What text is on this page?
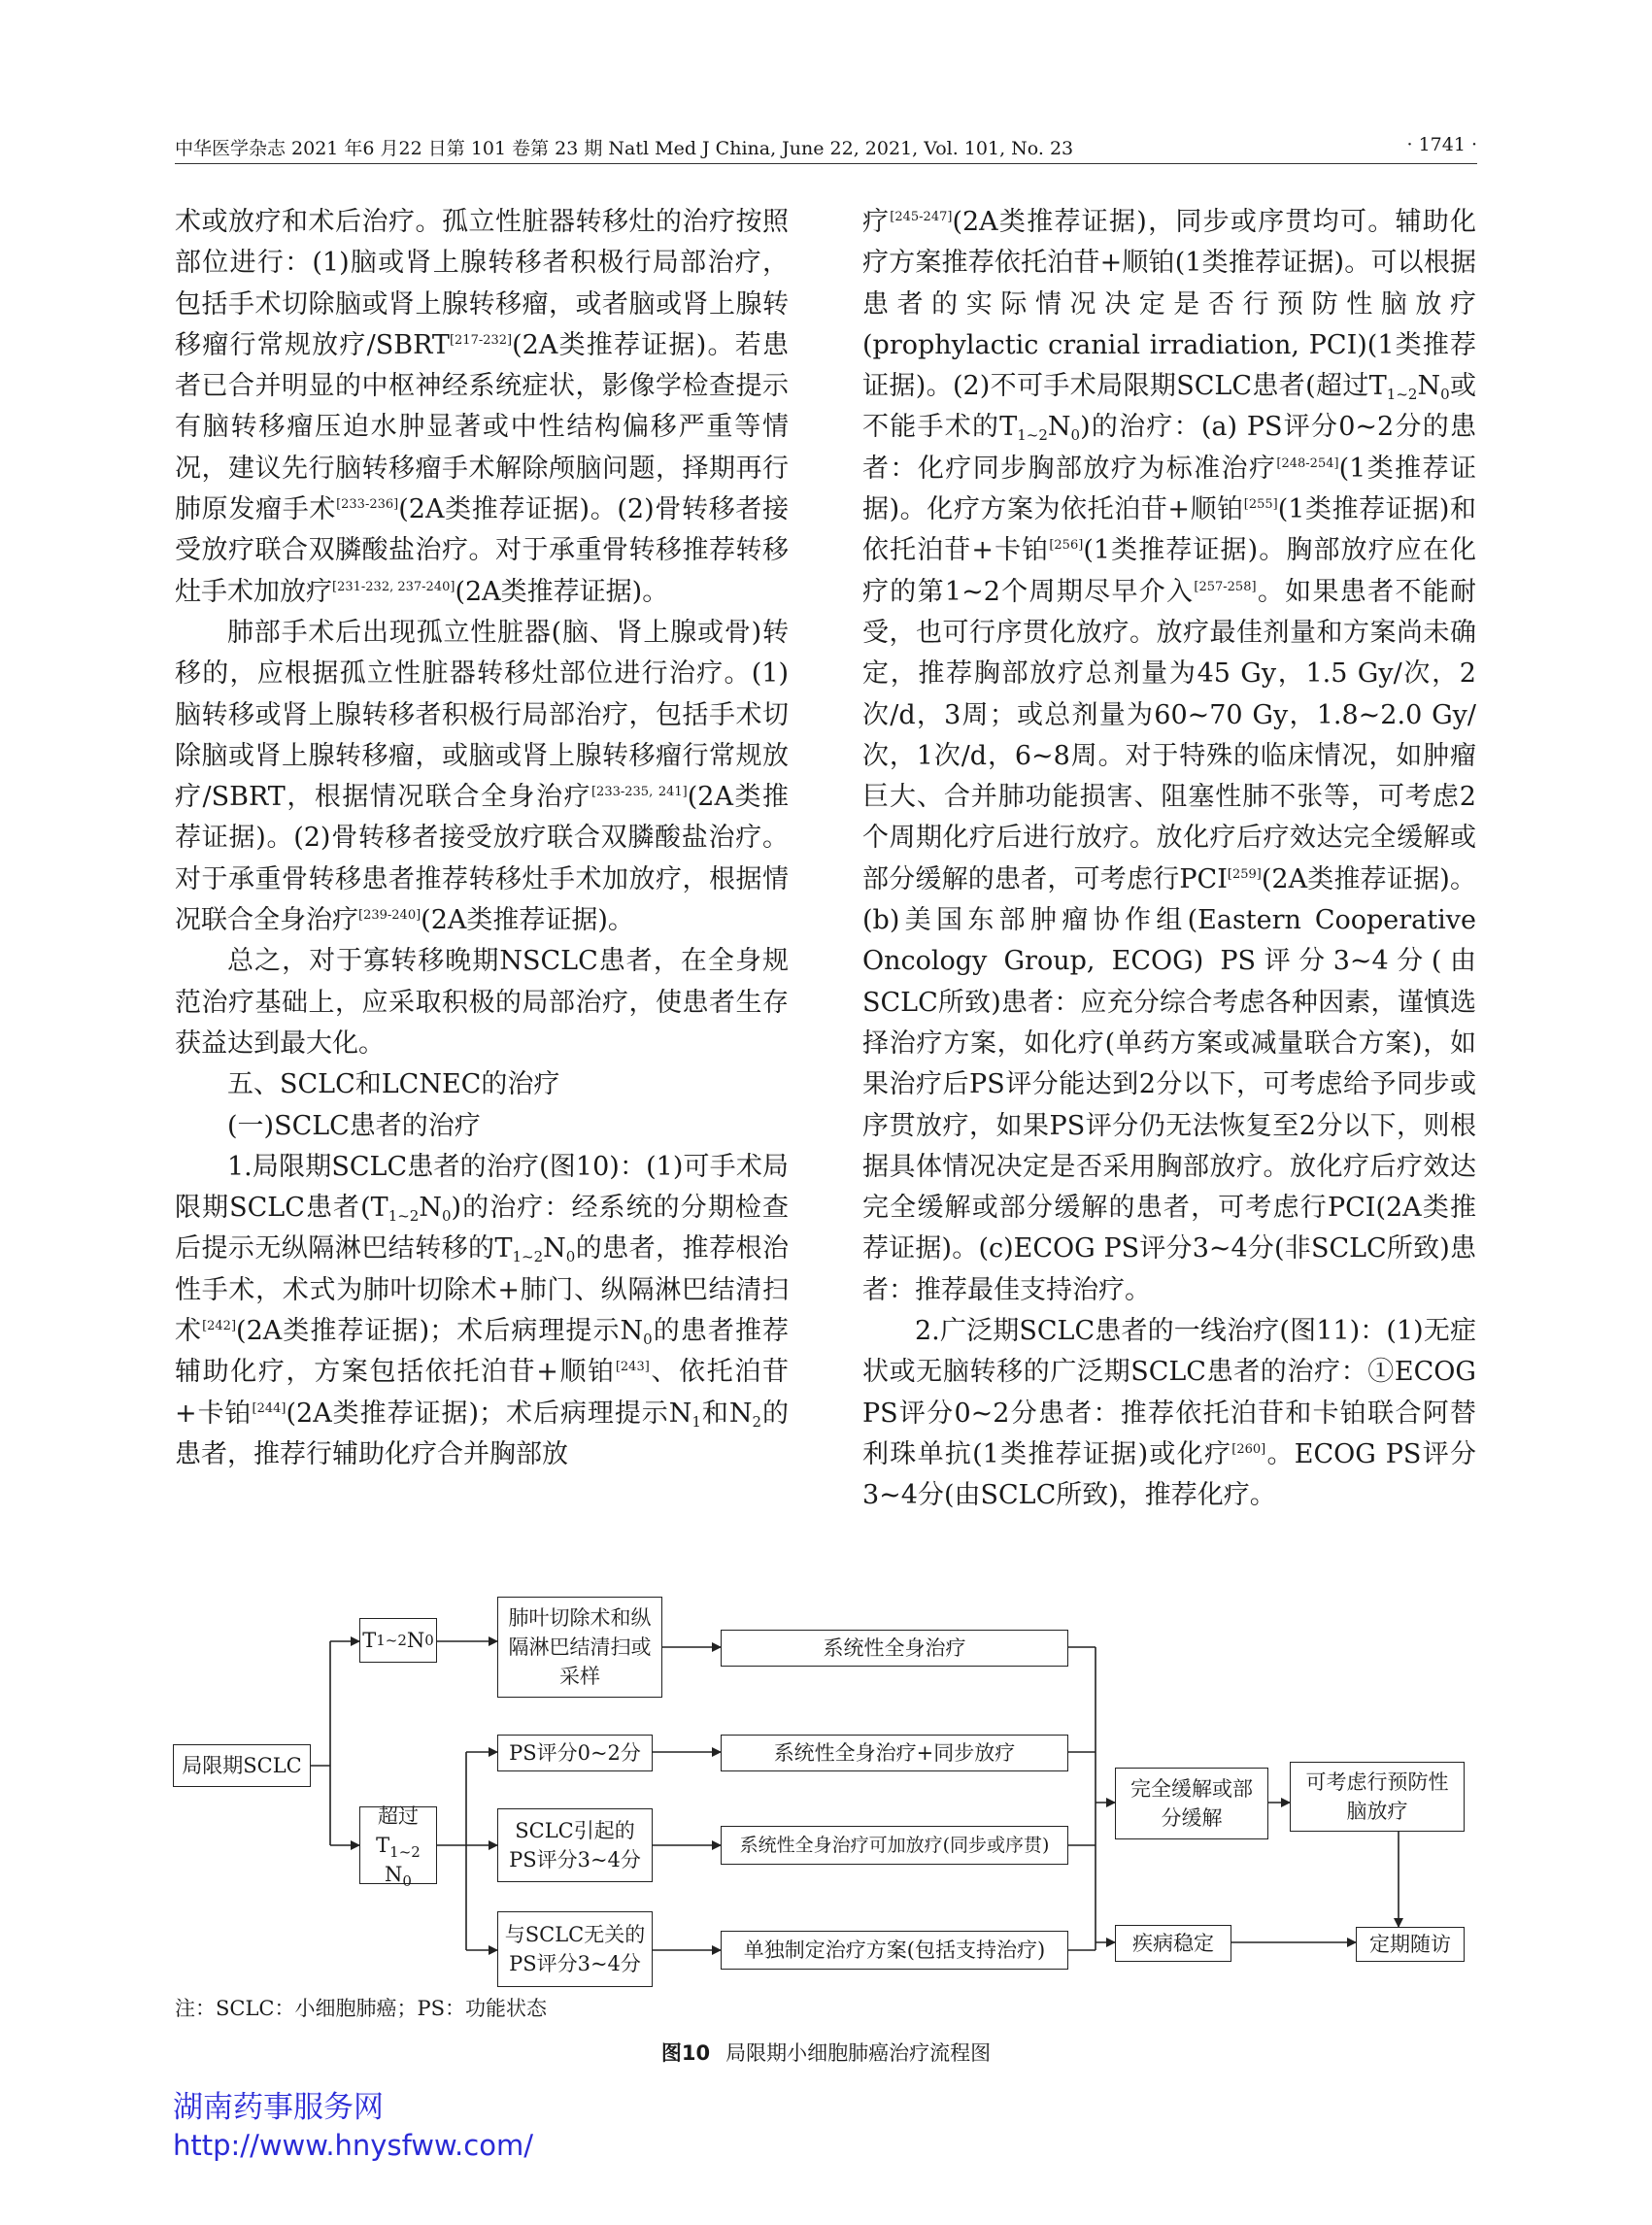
中华医学杂志 2021 年6 月22 日第 101 卷第 23 期 Natl Med J China, June 22, 2021, Vol. 101, No. 23	· 1741 ·

术或放疗和术后治疗。孤立性脏器转移灶的治疗按照部位进行：(1)脑或肾上腺转移者积极行局部治疗，包括手术切除脑或肾上腺转移瘤，或者脑或肾上腺转移瘤行常规放疗/SBRT[217-232](2A类推荐证据)。若患者已合并明显的中枢神经系统症状，影像学检查提示有脑转移瘤压迫水肿显著或中性结构偏移严重等情况，建议先行脑转移瘤手术解除颅脑问题，择期再行肺原发瘤手术[233-236](2A类推荐证据)。(2)骨转移者接受放疗联合双膦酸盐治疗。对于承重骨转移推荐转移灶手术加放疗[231-232, 237-240](2A类推荐证据)。

肺部手术后出现孤立性脏器(脑、肾上腺或骨)转移的，应根据孤立性脏器转移灶部位进行治疗。(1)脑转移或肾上腺转移者积极行局部治疗，包括手术切除脑或肾上腺转移瘤，或脑或肾上腺转移瘤行常规放疗/SBRT，根据情况联合全身治疗[233-235, 241](2A类推荐证据)。(2)骨转移者接受放疗联合双膦酸盐治疗。对于承重骨转移患者推荐转移灶手术加放疗，根据情况联合全身治疗[239-240](2A类推荐证据)。

总之，对于寡转移晚期NSCLC患者，在全身规范治疗基础上，应采取积极的局部治疗，使患者生存获益达到最大化。

五、SCLC和LCNEC的治疗

(一)SCLC患者的治疗

1.局限期SCLC患者的治疗(图10)：(1)可手术局限期SCLC患者$(T_{1\sim 2}N_0)$的治疗：经系统的分期检查后提示无纵隔淋巴结转移的$T_{1\sim 2}N_0$的患者，推荐根治性手术，术式为肺叶切除术+肺门、纵隔淋巴结清扫术[242](2A类推荐证据)；术后病理提示$N_0$的患者推荐辅助化疗，方案包括依托泊苷+顺铂[243]、依托泊苷+卡铂[244](2A类推荐证据)；术后病理提示$N_1$和$N_2$的患者，推荐行辅助化疗合并胸部放

疗[245-247](2A类推荐证据)，同步或序贯均可。辅助化疗方案推荐依托泊苷+顺铂(1类推荐证据)。可以根据患者的实际情况决定是否行预防性脑放疗(prophylactic cranial irradiation, PCI)(1类推荐证据)。(2)不可手术局限期SCLC患者(超过$T_{1\sim 2}N_0$或不能手术的$T_{1\sim 2}N_0$)的治疗：(a) PS评分0~2分的患者：化疗同步胸部放疗为标准治疗[248-254](1类推荐证据)。化疗方案为依托泊苷+顺铂[255](1类推荐证据)和依托泊苷+卡铂[256](1类推荐证据)。胸部放疗应在化疗的第1~2个周期尽早介入[257-258]。如果患者不能耐受，也可行序贯化放疗。放疗最佳剂量和方案尚未确定，推荐胸部放疗总剂量为45 Gy，1.5 Gy/次，2次/d，3周；或总剂量为60~70 Gy，1.8~2.0 Gy/次，1次/d，6~8周。对于特殊的临床情况，如肿瘤巨大、合并肺功能损害、阻塞性肺不张等，可考虑2个周期化疗后进行放疗。放化疗后疗效达完全缓解或部分缓解的患者，可考虑行PCI[259](2A类推荐证据)。(b)美国东部肿瘤协作组(Eastern Cooperative Oncology Group, ECOG) PS评分3~4分(由SCLC所致)患者：应充分综合考虑各种因素，谨慎选择治疗方案，如化疗(单药方案或减量联合方案)，如果治疗后PS评分能达到2分以下，可考虑给予同步或序贯放疗，如果PS评分仍无法恢复至2分以下，则根据具体情况决定是否采用胸部放疗。放化疗后疗效达完全缓解或部分缓解的患者，可考虑行PCI(2A类推荐证据)。(c)ECOG PS评分3~4分(非SCLC所致)患者：推荐最佳支持治疗。

2.广泛期SCLC患者的一线治疗(图11)：(1)无症状或无脑转移的广泛期SCLC患者的治疗：①ECOG PS评分0~2分患者：推荐依托泊苷和卡铂联合阿替利珠单抗(1类推荐证据)或化疗[260]。ECOG PS评分3~4分(由SCLC所致)，推荐化疗。

局限期SCLC
T 1~2 N 0
超过
$T_{1\sim 2}$ $N_0$
肺叶切除术和纵隔淋巴结清扫或采样
系统性全身治疗
PS评分0~2分	系统性全身治疗+同步放疗
SCLC引起的PS评分3~4分
系统性全身治疗可加放疗(同步或序贯)
与SCLC无关的PS评分3~4分
单独制定治疗方案(包括支持治疗)
完全缓解或部分缓解
可考虑行预防性脑放疗
疾病稳定	定期随访
注：SCLC：小细胞肺癌；PS：功能状态
图10 局限期小细胞肺癌治疗流程图
湖南药事服务网
http://www.hnysfww.com/
